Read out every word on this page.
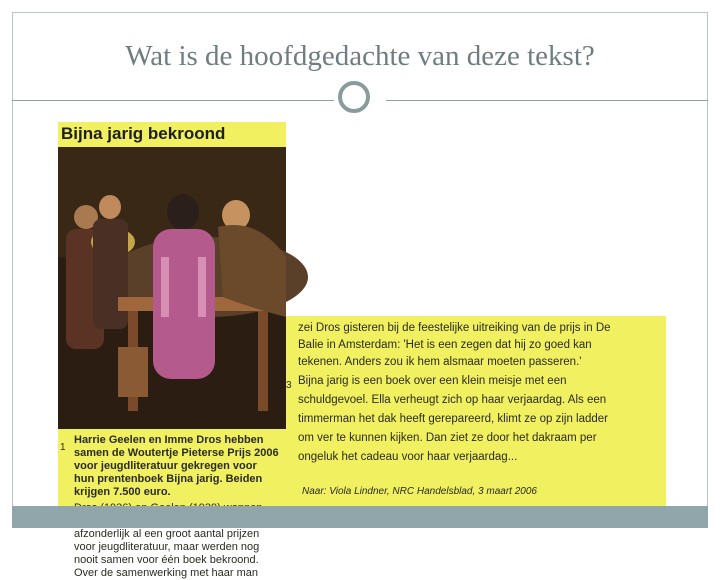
Wat is de hoofdgedachte van deze tekst?
Bijna jarig bekroond
1
Harrie Geelen en Imme Dros hebben
samen de Woutertje Pieterse Prijs 2006
voor jeugdliteratuur gekregen voor
hun prentenboek Bijna jarig. Beiden
krijgen 7.500 euro.
afzonderlijk al een groot aantal prijzen
voor jeugdliteratuur, maar werden nog
nooit samen voor één boek bekroond.
Over de samenwerking met haar man
zei Dros gisteren bij de feestelijke uitreiking van de prijs in De
Balie in Amsterdam: 'Het is een zegen dat hij zo goed kan
tekenen. Anders zou ik hem alsmaar moeten passeren.'
3 Bijna jarig is een boek over een klein meisje met een
schuldgevoel. Ella verheugt zich op haar verjaardag. Als een
timmerman het dak heeft gerepareerd, klimt ze op zijn ladder
om ver te kunnen kijken. Dan ziet ze door het dakraam per
ongeluk het cadeau voor haar verjaardag...
Naar: Viola Lindner, NRC Handelsblad, 3 maart 2006
